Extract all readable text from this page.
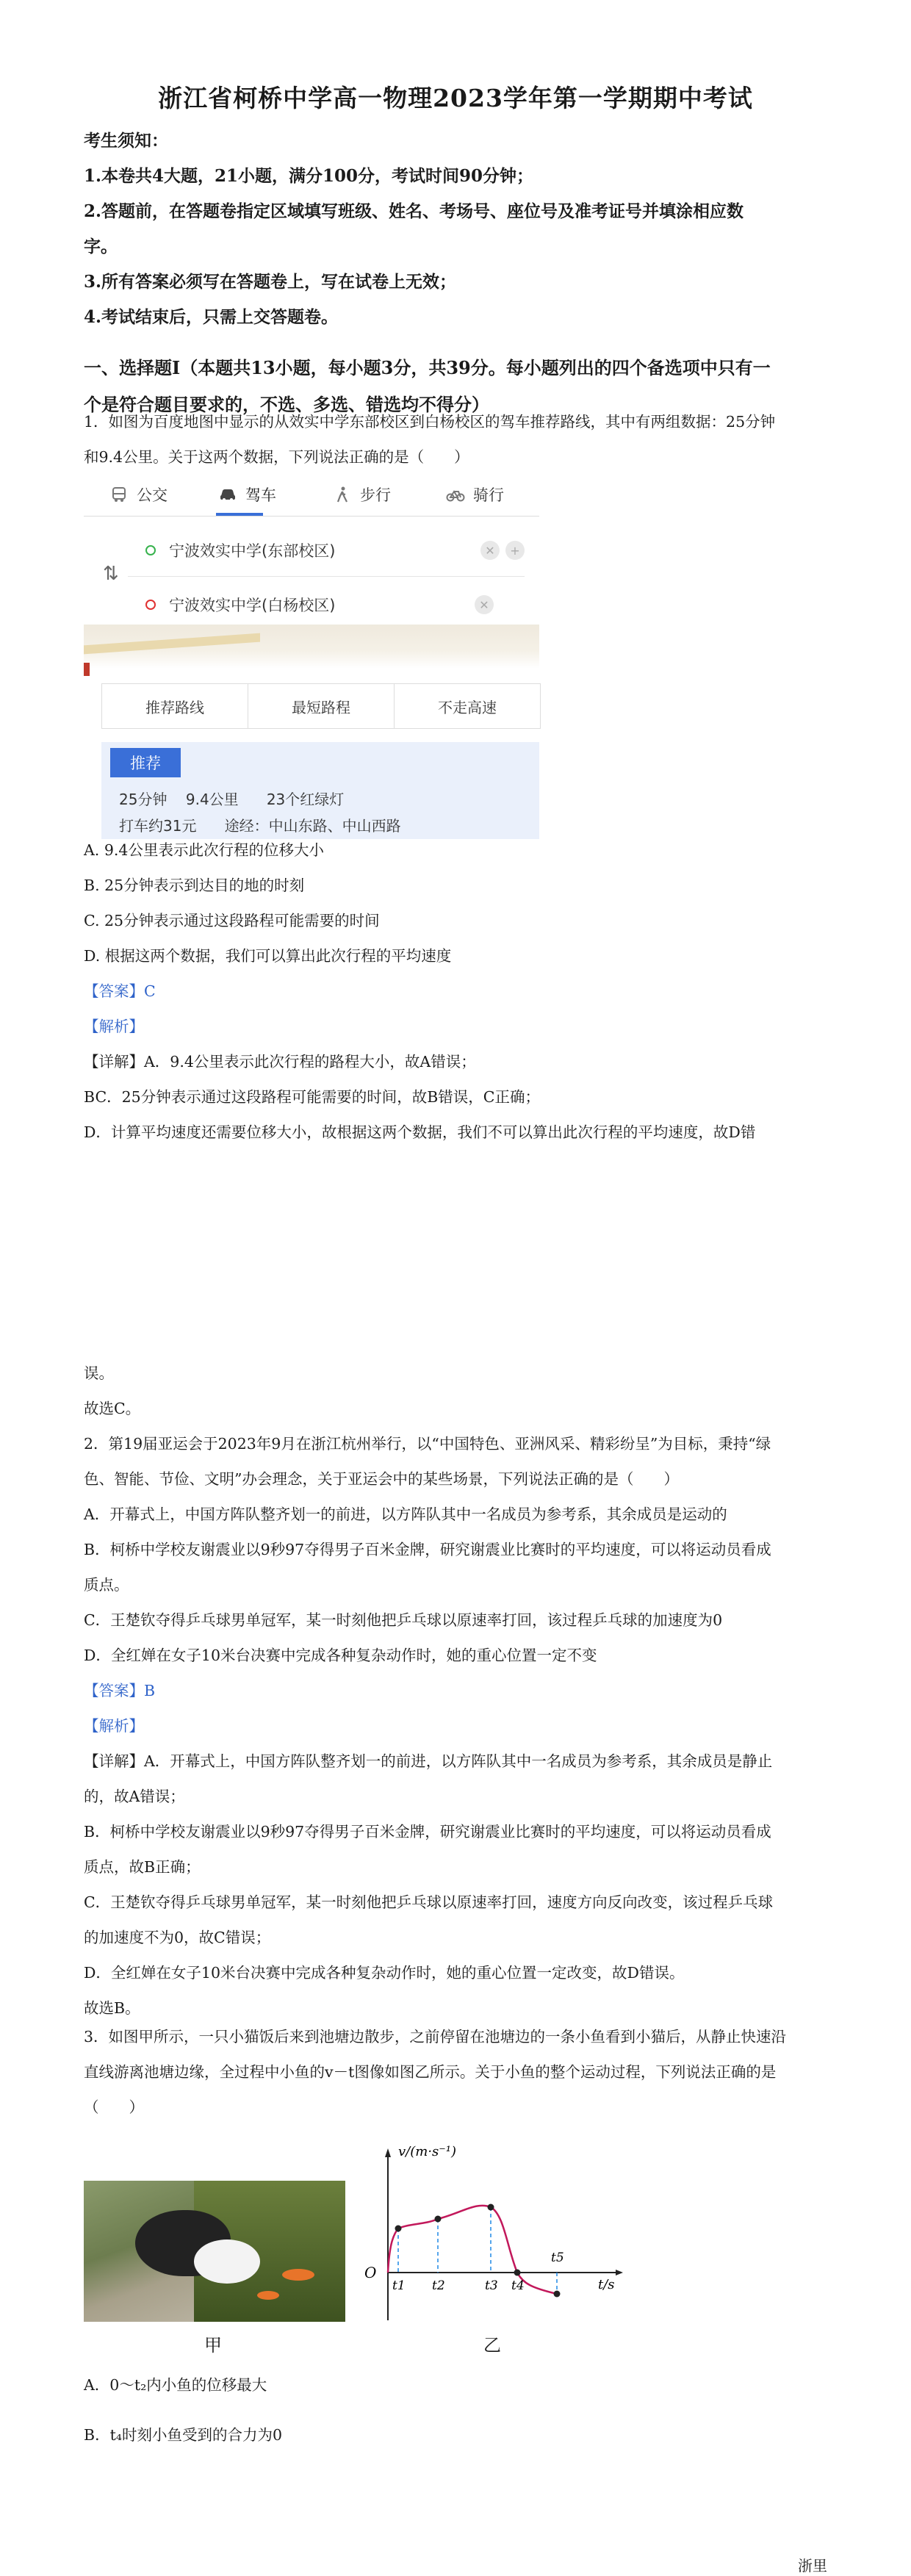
浙江省柯桥中学高一物理2023学年第一学期期中考试
考生须知：
1.本卷共4大题，21小题，满分100分，考试时间90分钟；
2.答题前，在答题卷指定区域填写班级、姓名、考场号、座位号及准考证号并填涂相应数
字。
3.所有答案必须写在答题卷上，写在试卷上无效；
4.考试结束后，只需上交答题卷。
一、选择题Ⅰ（本题共13小题，每小题3分，共39分。每小题列出的四个备选项中只有一
个是符合题目要求的，不选、多选、错选均不得分）
1．如图为百度地图中显示的从效实中学东部校区到白杨校区的驾车推荐路线，其中有两组数据：25分钟
和9.4公里。关于这两个数据，下列说法正确的是（　　）
公交	驾车	步行	骑行
⇅
宁波效实中学(东部校区)	✕	+
宁波效实中学(白杨校区)	✕
推荐路线	最短路程	不走高速
推荐
25分钟    9.4公里      23个红绿灯
打车约31元      途经：中山东路、中山西路
A. 9.4公里表示此次行程的位移大小
B. 25分钟表示到达目的地的时刻
C. 25分钟表示通过这段路程可能需要的时间
D. 根据这两个数据，我们可以算出此次行程的平均速度
【答案】C
【解析】
【详解】A．9.4公里表示此次行程的路程大小，故A错误；
BC．25分钟表示通过这段路程可能需要的时间，故B错误，C正确；
D．计算平均速度还需要位移大小，故根据这两个数据，我们不可以算出此次行程的平均速度，故D错
误。
故选C。
2．第19届亚运会于2023年9月在浙江杭州举行，以“中国特色、亚洲风采、精彩纷呈”为目标，秉持“绿
色、智能、节俭、文明”办会理念，关于亚运会中的某些场景，下列说法正确的是（　　）
A．开幕式上，中国方阵队整齐划一的前进，以方阵队其中一名成员为参考系，其余成员是运动的
B．柯桥中学校友谢震业以9秒97夺得男子百米金牌，研究谢震业比赛时的平均速度，可以将运动员看成
质点。
C．王楚钦夺得乒乓球男单冠军，某一时刻他把乒乓球以原速率打回，该过程乒乓球的加速度为0
D．全红婵在女子10米台决赛中完成各种复杂动作时，她的重心位置一定不变
【答案】B
【解析】
【详解】A．开幕式上，中国方阵队整齐划一的前进，以方阵队其中一名成员为参考系，其余成员是静止
的，故A错误；
B．柯桥中学校友谢震业以9秒97夺得男子百米金牌，研究谢震业比赛时的平均速度，可以将运动员看成
质点，故B正确；
C．王楚钦夺得乒乓球男单冠军，某一时刻他把乒乓球以原速率打回，速度方向反向改变，该过程乒乓球
的加速度不为0，故C错误；
D．全红婵在女子10米台决赛中完成各种复杂动作时，她的重心位置一定改变，故D错误。
故选B。
3．如图甲所示，一只小猫饭后来到池塘边散步，之前停留在池塘边的一条小鱼看到小猫后，从静止快速沿
直线游离池塘边缘，全过程中小鱼的v－t图像如图乙所示。关于小鱼的整个运动过程，下列说法正确的是
（　　）
甲
v/(m·s⁻¹)
t/s
O
t1 t2	t3 t4
t5
乙
A．0～t₂内小鱼的位移最大
B．t₄时刻小鱼受到的合力为0
浙里
